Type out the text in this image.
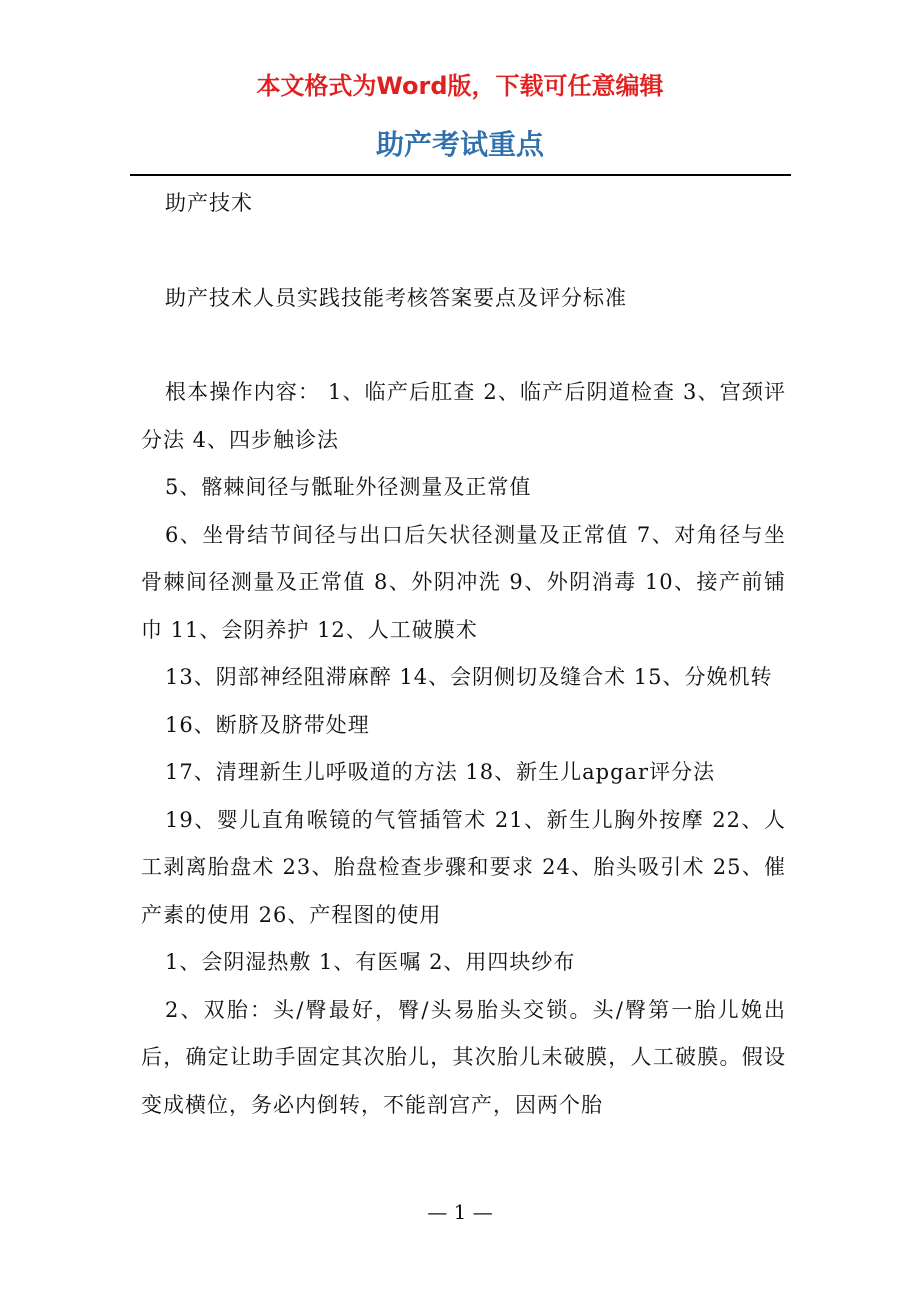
本文格式为Word版，下载可任意编辑
助产考试重点

助产技术

助产技术人员实践技能考核答案要点及评分标准

根本操作内容： 1、临产后肛查 2、临产后阴道检查 3、宫颈评分法 4、四步触诊法

5、髂棘间径与骶耻外径测量及正常值

6、坐骨结节间径与出口后矢状径测量及正常值 7、对角径与坐骨棘间径测量及正常值 8、外阴冲洗 9、外阴消毒 10、接产前铺巾 11、会阴养护 12、人工破膜术

13、阴部神经阻滞麻醉 14、会阴侧切及缝合术 15、分娩机转

16、断脐及脐带处理

17、清理新生儿呼吸道的方法 18、新生儿apgar评分法

19、婴儿直角喉镜的气管插管术 21、新生儿胸外按摩 22、人工剥离胎盘术 23、胎盘检查步骤和要求 24、胎头吸引术 25、催产素的使用 26、产程图的使用

1、会阴湿热敷 1、有医嘱 2、用四块纱布

2、双胎：头/臀最好，臀/头易胎头交锁。头/臀第一胎儿娩出后，确定让助手固定其次胎儿，其次胎儿未破膜，人工破膜。假设变成横位，务必内倒转，不能剖宫产，因两个胎

— 1 —
